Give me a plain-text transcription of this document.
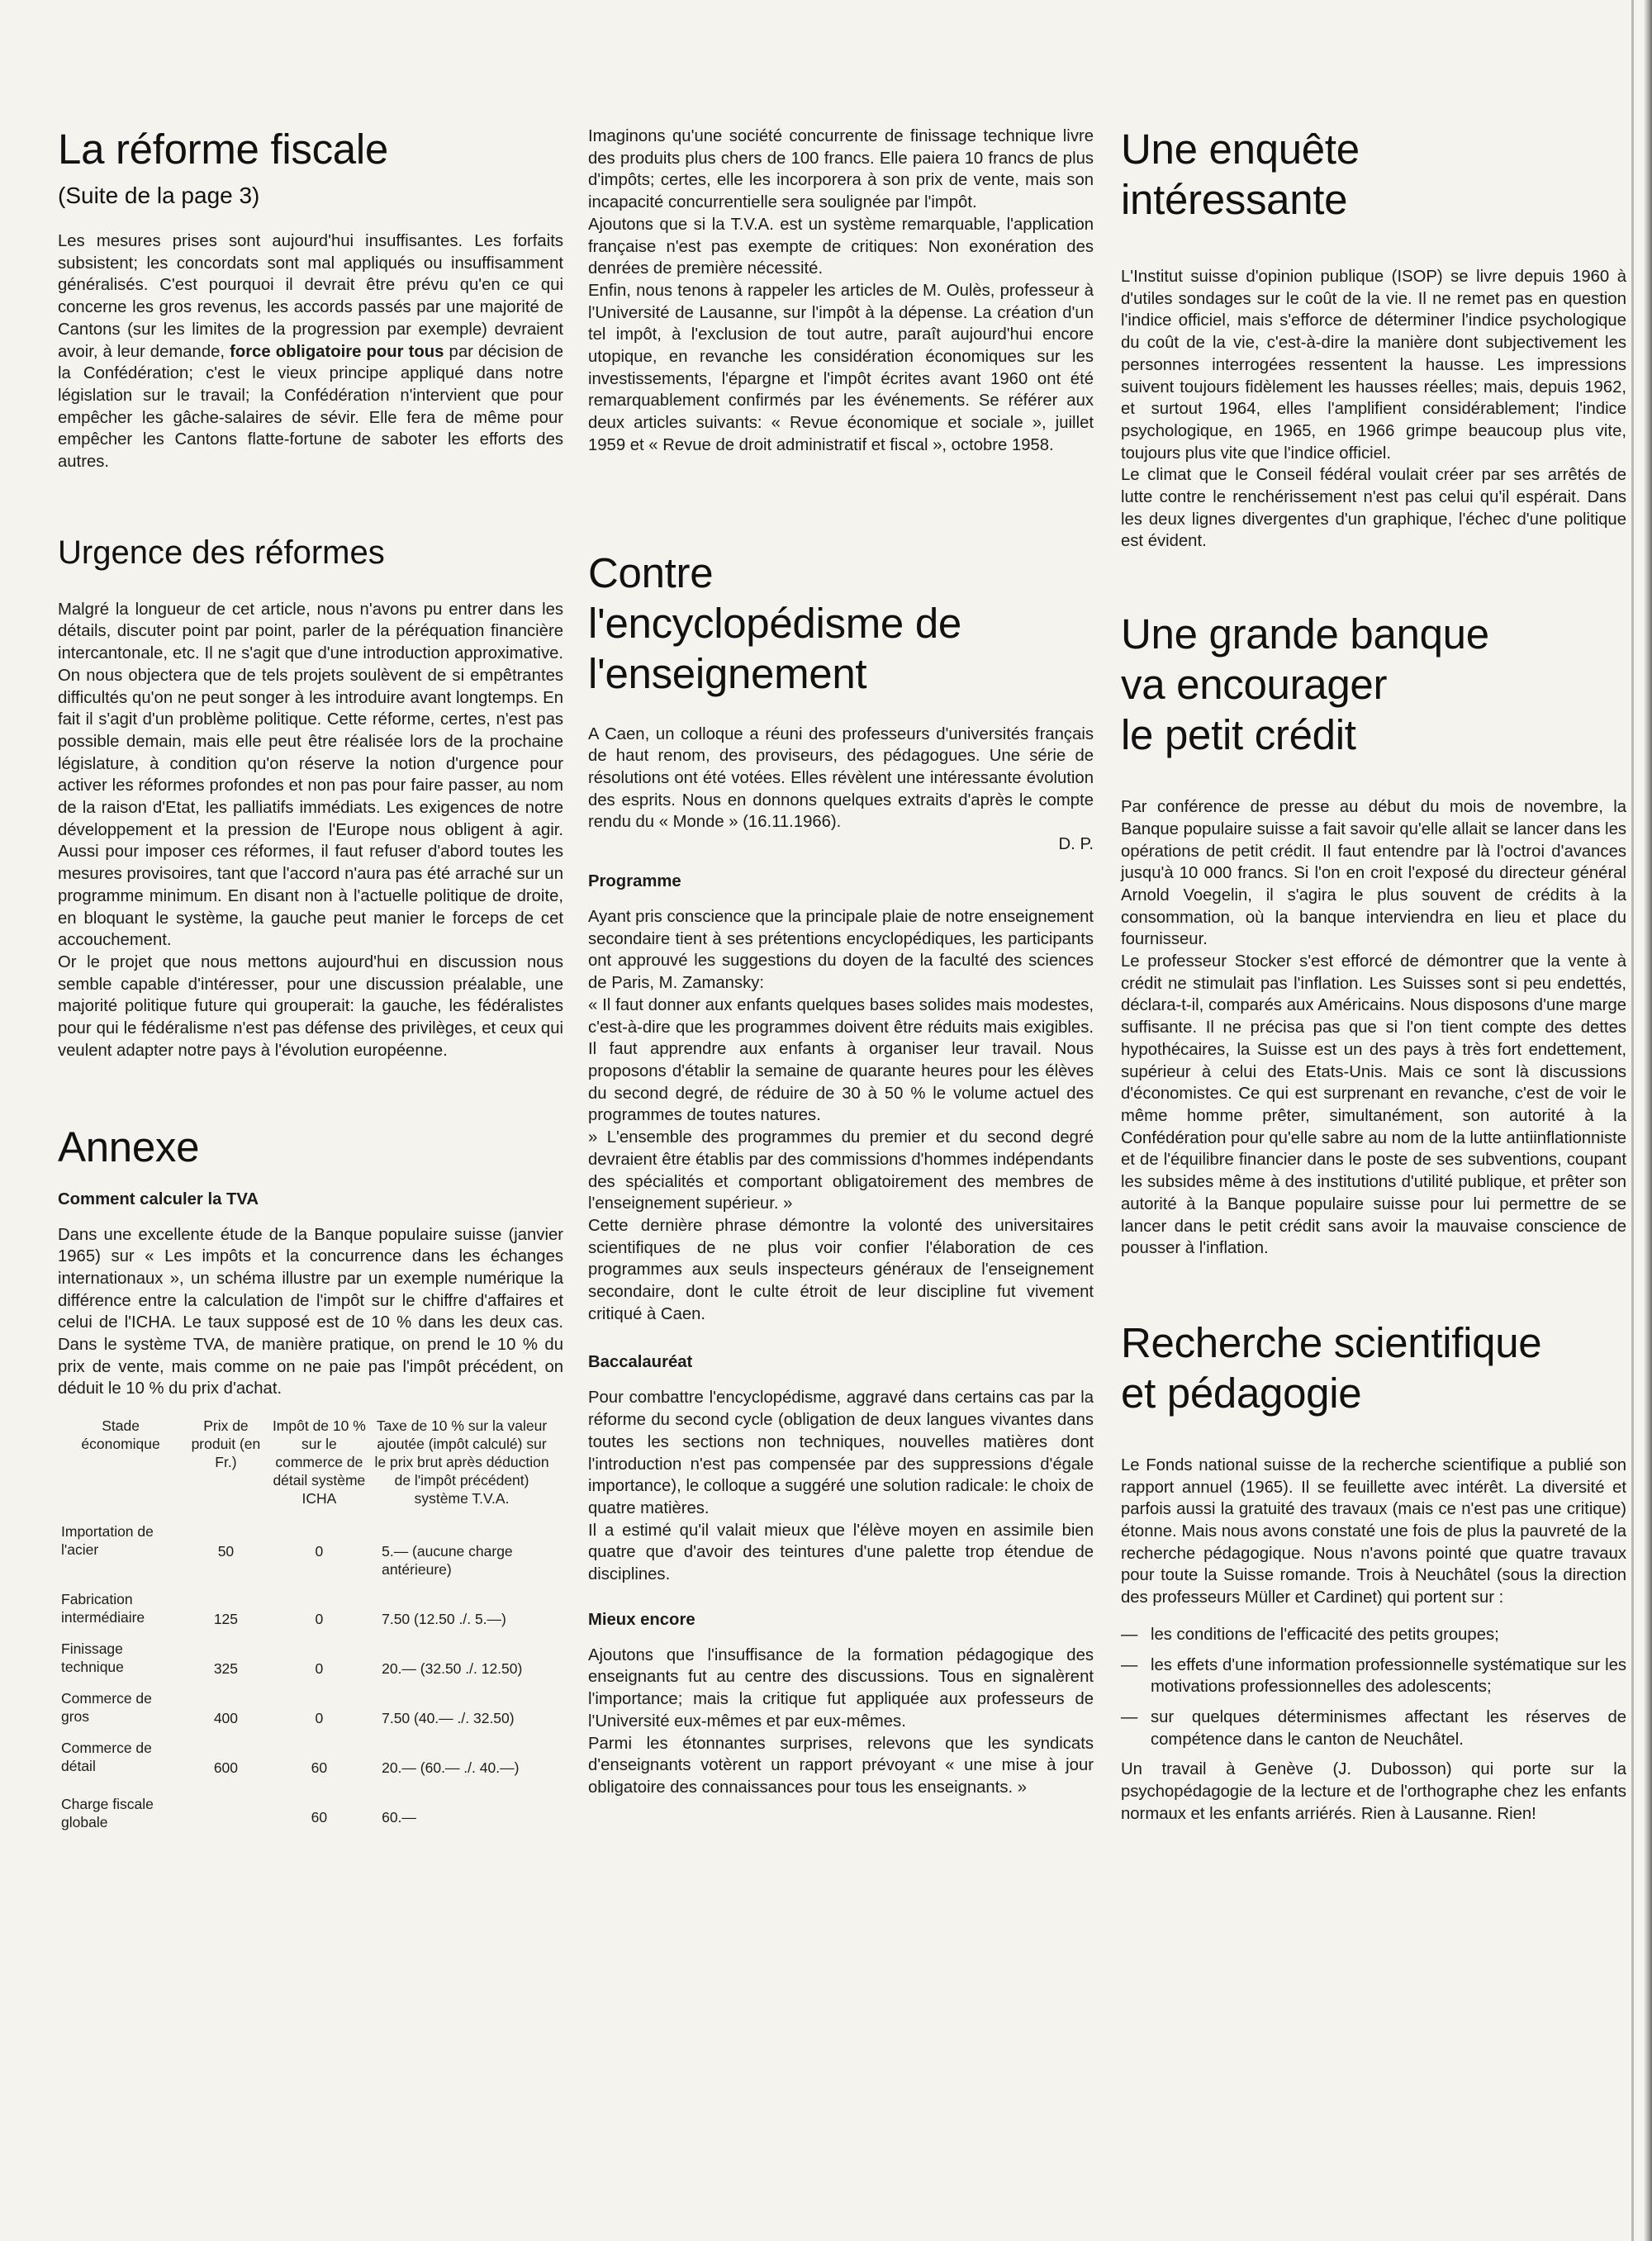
La réforme fiscale
(Suite de la page 3)

Les mesures prises sont aujourd'hui insuffisantes. Les forfaits subsistent; les concordats sont mal appliqués ou insuffisamment généralisés. C'est pourquoi il devrait être prévu qu'en ce qui concerne les gros revenus, les accords passés par une majorité de Cantons (sur les limites de la progression par exemple) devraient avoir, à leur demande, force obligatoire pour tous par décision de la Confédération; c'est le vieux principe appliqué dans notre législation sur le travail; la Confédération n'intervient que pour empêcher les gâche-salaires de sévir. Elle fera de même pour empêcher les Cantons flatte-fortune de saboter les efforts des autres.

Urgence des réformes

Malgré la longueur de cet article, nous n'avons pu entrer dans les détails, discuter point par point, parler de la péréquation financière intercantonale, etc. Il ne s'agit que d'une introduction approximative. On nous objectera que de tels projets soulèvent de si empêtrantes difficultés qu'on ne peut songer à les introduire avant longtemps. En fait il s'agit d'un problème politique. Cette réforme, certes, n'est pas possible demain, mais elle peut être réalisée lors de la prochaine législature, à condition qu'on réserve la notion d'urgence pour activer les réformes profondes et non pas pour faire passer, au nom de la raison d'Etat, les palliatifs immédiats. Les exigences de notre développement et la pression de l'Europe nous obligent à agir. Aussi pour imposer ces réformes, il faut refuser d'abord toutes les mesures provisoires, tant que l'accord n'aura pas été arraché sur un programme minimum. En disant non à l'actuelle politique de droite, en bloquant le système, la gauche peut manier le forceps de cet accouchement.

Or le projet que nous mettons aujourd'hui en discussion nous semble capable d'intéresser, pour une discussion préalable, une majorité politique future qui grouperait: la gauche, les fédéralistes pour qui le fédéralisme n'est pas défense des privilèges, et ceux qui veulent adapter notre pays à l'évolution européenne.

Annexe
Comment calculer la TVA

Dans une excellente étude de la Banque populaire suisse (janvier 1965) sur « Les impôts et la concurrence dans les échanges internationaux », un schéma illustre par un exemple numérique la différence entre la calculation de l'impôt sur le chiffre d'affaires et celui de l'ICHA. Le taux supposé est de 10 % dans les deux cas. Dans le système TVA, de manière pratique, on prend le 10 % du prix de vente, mais comme on ne paie pas l'impôt précédent, on déduit le 10 % du prix d'achat.

Stade économique	Prix de produit (en Fr.)	Impôt de 10 % sur le commerce de détail système ICHA	Taxe de 10 % sur la valeur ajoutée (impôt calculé) sur le prix brut après déduction de l'impôt précédent) système T.V.A.
Importation de l'acier	50	0	5.— (aucune charge antérieure)
Fabrication intermédiaire	125	0	7.50 (12.50 ./. 5.—)
Finissage technique	325	0	20.— (32.50 ./. 12.50)
Commerce de gros	400	0	7.50 (40.— ./. 32.50)
Commerce de détail	600	60	20.— (60.— ./. 40.—)
Charge fiscale globale		60	60.—

Imaginons qu'une société concurrente de finissage technique livre des produits plus chers de 100 francs. Elle paiera 10 francs de plus d'impôts; certes, elle les incorporera à son prix de vente, mais son incapacité concurrentielle sera soulignée par l'impôt.

Ajoutons que si la T.V.A. est un système remarquable, l'application française n'est pas exempte de critiques: Non exonération des denrées de première nécessité.

Enfin, nous tenons à rappeler les articles de M. Oulès, professeur à l'Université de Lausanne, sur l'impôt à la dépense. La création d'un tel impôt, à l'exclusion de tout autre, paraît aujourd'hui encore utopique, en revanche les considération économiques sur les investissements, l'épargne et l'impôt écrites avant 1960 ont été remarquablement confirmés par les événements. Se référer aux deux articles suivants: « Revue économique et sociale », juillet 1959 et « Revue de droit administratif et fiscal », octobre 1958.

Contre
l'encyclopédisme de
l'enseignement

A Caen, un colloque a réuni des professeurs d'universités français de haut renom, des proviseurs, des pédagogues. Une série de résolutions ont été votées. Elles révèlent une intéressante évolution des esprits. Nous en donnons quelques extraits d'après le compte rendu du « Monde » (16.11.1966).

D. P.
Programme

Ayant pris conscience que la principale plaie de notre enseignement secondaire tient à ses prétentions encyclopédiques, les participants ont approuvé les suggestions du doyen de la faculté des sciences de Paris, M. Zamansky:

« Il faut donner aux enfants quelques bases solides mais modestes, c'est-à-dire que les programmes doivent être réduits mais exigibles. Il faut apprendre aux enfants à organiser leur travail. Nous proposons d'établir la semaine de quarante heures pour les élèves du second degré, de réduire de 30 à 50 % le volume actuel des programmes de toutes natures.

» L'ensemble des programmes du premier et du second degré devraient être établis par des commissions d'hommes indépendants des spécialités et comportant obligatoirement des membres de l'enseignement supérieur. »

Cette dernière phrase démontre la volonté des universitaires scientifiques de ne plus voir confier l'élaboration de ces programmes aux seuls inspecteurs généraux de l'enseignement secondaire, dont le culte étroit de leur discipline fut vivement critiqué à Caen.

Baccalauréat

Pour combattre l'encyclopédisme, aggravé dans certains cas par la réforme du second cycle (obligation de deux langues vivantes dans toutes les sections non techniques, nouvelles matières dont l'introduction n'est pas compensée par des suppressions d'égale importance), le colloque a suggéré une solution radicale: le choix de quatre matières.

Il a estimé qu'il valait mieux que l'élève moyen en assimile bien quatre que d'avoir des teintures d'une palette trop étendue de disciplines.

Mieux encore

Ajoutons que l'insuffisance de la formation pédagogique des enseignants fut au centre des discussions. Tous en signalèrent l'importance; mais la critique fut appliquée aux professeurs de l'Université eux-mêmes et par eux-mêmes.

Parmi les étonnantes surprises, relevons que les syndicats d'enseignants votèrent un rapport prévoyant « une mise à jour obligatoire des connaissances pour tous les enseignants. »

Une enquête
intéressante

L'Institut suisse d'opinion publique (ISOP) se livre depuis 1960 à d'utiles sondages sur le coût de la vie. Il ne remet pas en question l'indice officiel, mais s'efforce de déterminer l'indice psychologique du coût de la vie, c'est-à-dire la manière dont subjectivement les personnes interrogées ressentent la hausse. Les impressions suivent toujours fidèlement les hausses réelles; mais, depuis 1962, et surtout 1964, elles l'amplifient considérablement; l'indice psychologique, en 1965, en 1966 grimpe beaucoup plus vite, toujours plus vite que l'indice officiel.

Le climat que le Conseil fédéral voulait créer par ses arrêtés de lutte contre le renchérissement n'est pas celui qu'il espérait. Dans les deux lignes divergentes d'un graphique, l'échec d'une politique est évident.

Une grande banque
va encourager
le petit crédit

Par conférence de presse au début du mois de novembre, la Banque populaire suisse a fait savoir qu'elle allait se lancer dans les opérations de petit crédit. Il faut entendre par là l'octroi d'avances jusqu'à 10 000 francs. Si l'on en croit l'exposé du directeur général Arnold Voegelin, il s'agira le plus souvent de crédits à la consommation, où la banque interviendra en lieu et place du fournisseur.

Le professeur Stocker s'est efforcé de démontrer que la vente à crédit ne stimulait pas l'inflation. Les Suisses sont si peu endettés, déclara-t-il, comparés aux Américains. Nous disposons d'une marge suffisante. Il ne précisa pas que si l'on tient compte des dettes hypothécaires, la Suisse est un des pays à très fort endettement, supérieur à celui des Etats-Unis. Mais ce sont là discussions d'économistes. Ce qui est surprenant en revanche, c'est de voir le même homme prêter, simultanément, son autorité à la Confédération pour qu'elle sabre au nom de la lutte antiinflationniste et de l'équilibre financier dans le poste de ses subventions, coupant les subsides même à des institutions d'utilité publique, et prêter son autorité à la Banque populaire suisse pour lui permettre de se lancer dans le petit crédit sans avoir la mauvaise conscience de pousser à l'inflation.

Recherche scientifique
et pédagogie

Le Fonds national suisse de la recherche scientifique a publié son rapport annuel (1965). Il se feuillette avec intérêt. La diversité et parfois aussi la gratuité des travaux (mais ce n'est pas une critique) étonne. Mais nous avons constaté une fois de plus la pauvreté de la recherche pédagogique. Nous n'avons pointé que quatre travaux pour toute la Suisse romande. Trois à Neuchâtel (sous la direction des professeurs Müller et Cardinet) qui portent sur :

— les conditions de l'efficacité des petits groupes;
— les effets d'une information professionnelle systématique sur les motivations professionnelles des adolescents;
— sur quelques déterminismes affectant les réserves de compétence dans le canton de Neuchâtel.

Un travail à Genève (J. Dubosson) qui porte sur la psychopédagogie de la lecture et de l'orthographe chez les enfants normaux et les enfants arriérés. Rien à Lausanne. Rien!
